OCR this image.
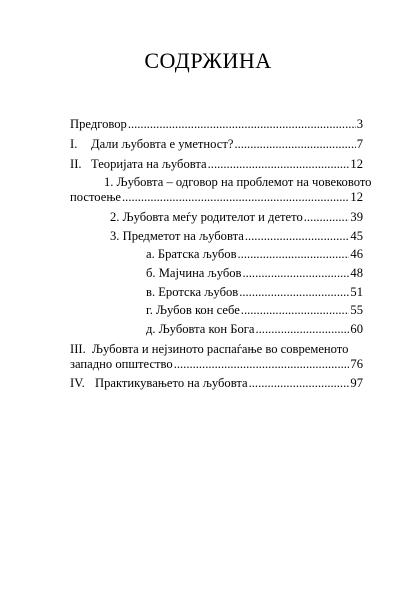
СОДРЖИНА
Предговор .....	3
I.	Дали љубовта е уметност? .....	7
II. Теоријата на љубовта .....	12
1. Љубовта – одговор на проблемот на човековото
постоење .....	12
2. Љубовта меѓу родителот и детето .....	39
3. Предметот на љубовта .....	45
а. Братска љубов .....	46
б. Мајчина љубов .....	48
в. Еротска љубов .....	51
г. Љубов кон себе .....	55
д. Љубовта кон Бога .....	60
III. Љубовта и нејзиното распаѓање во современото
западно општество .....	76
IV. Практикувањето на љубовта .....	97
